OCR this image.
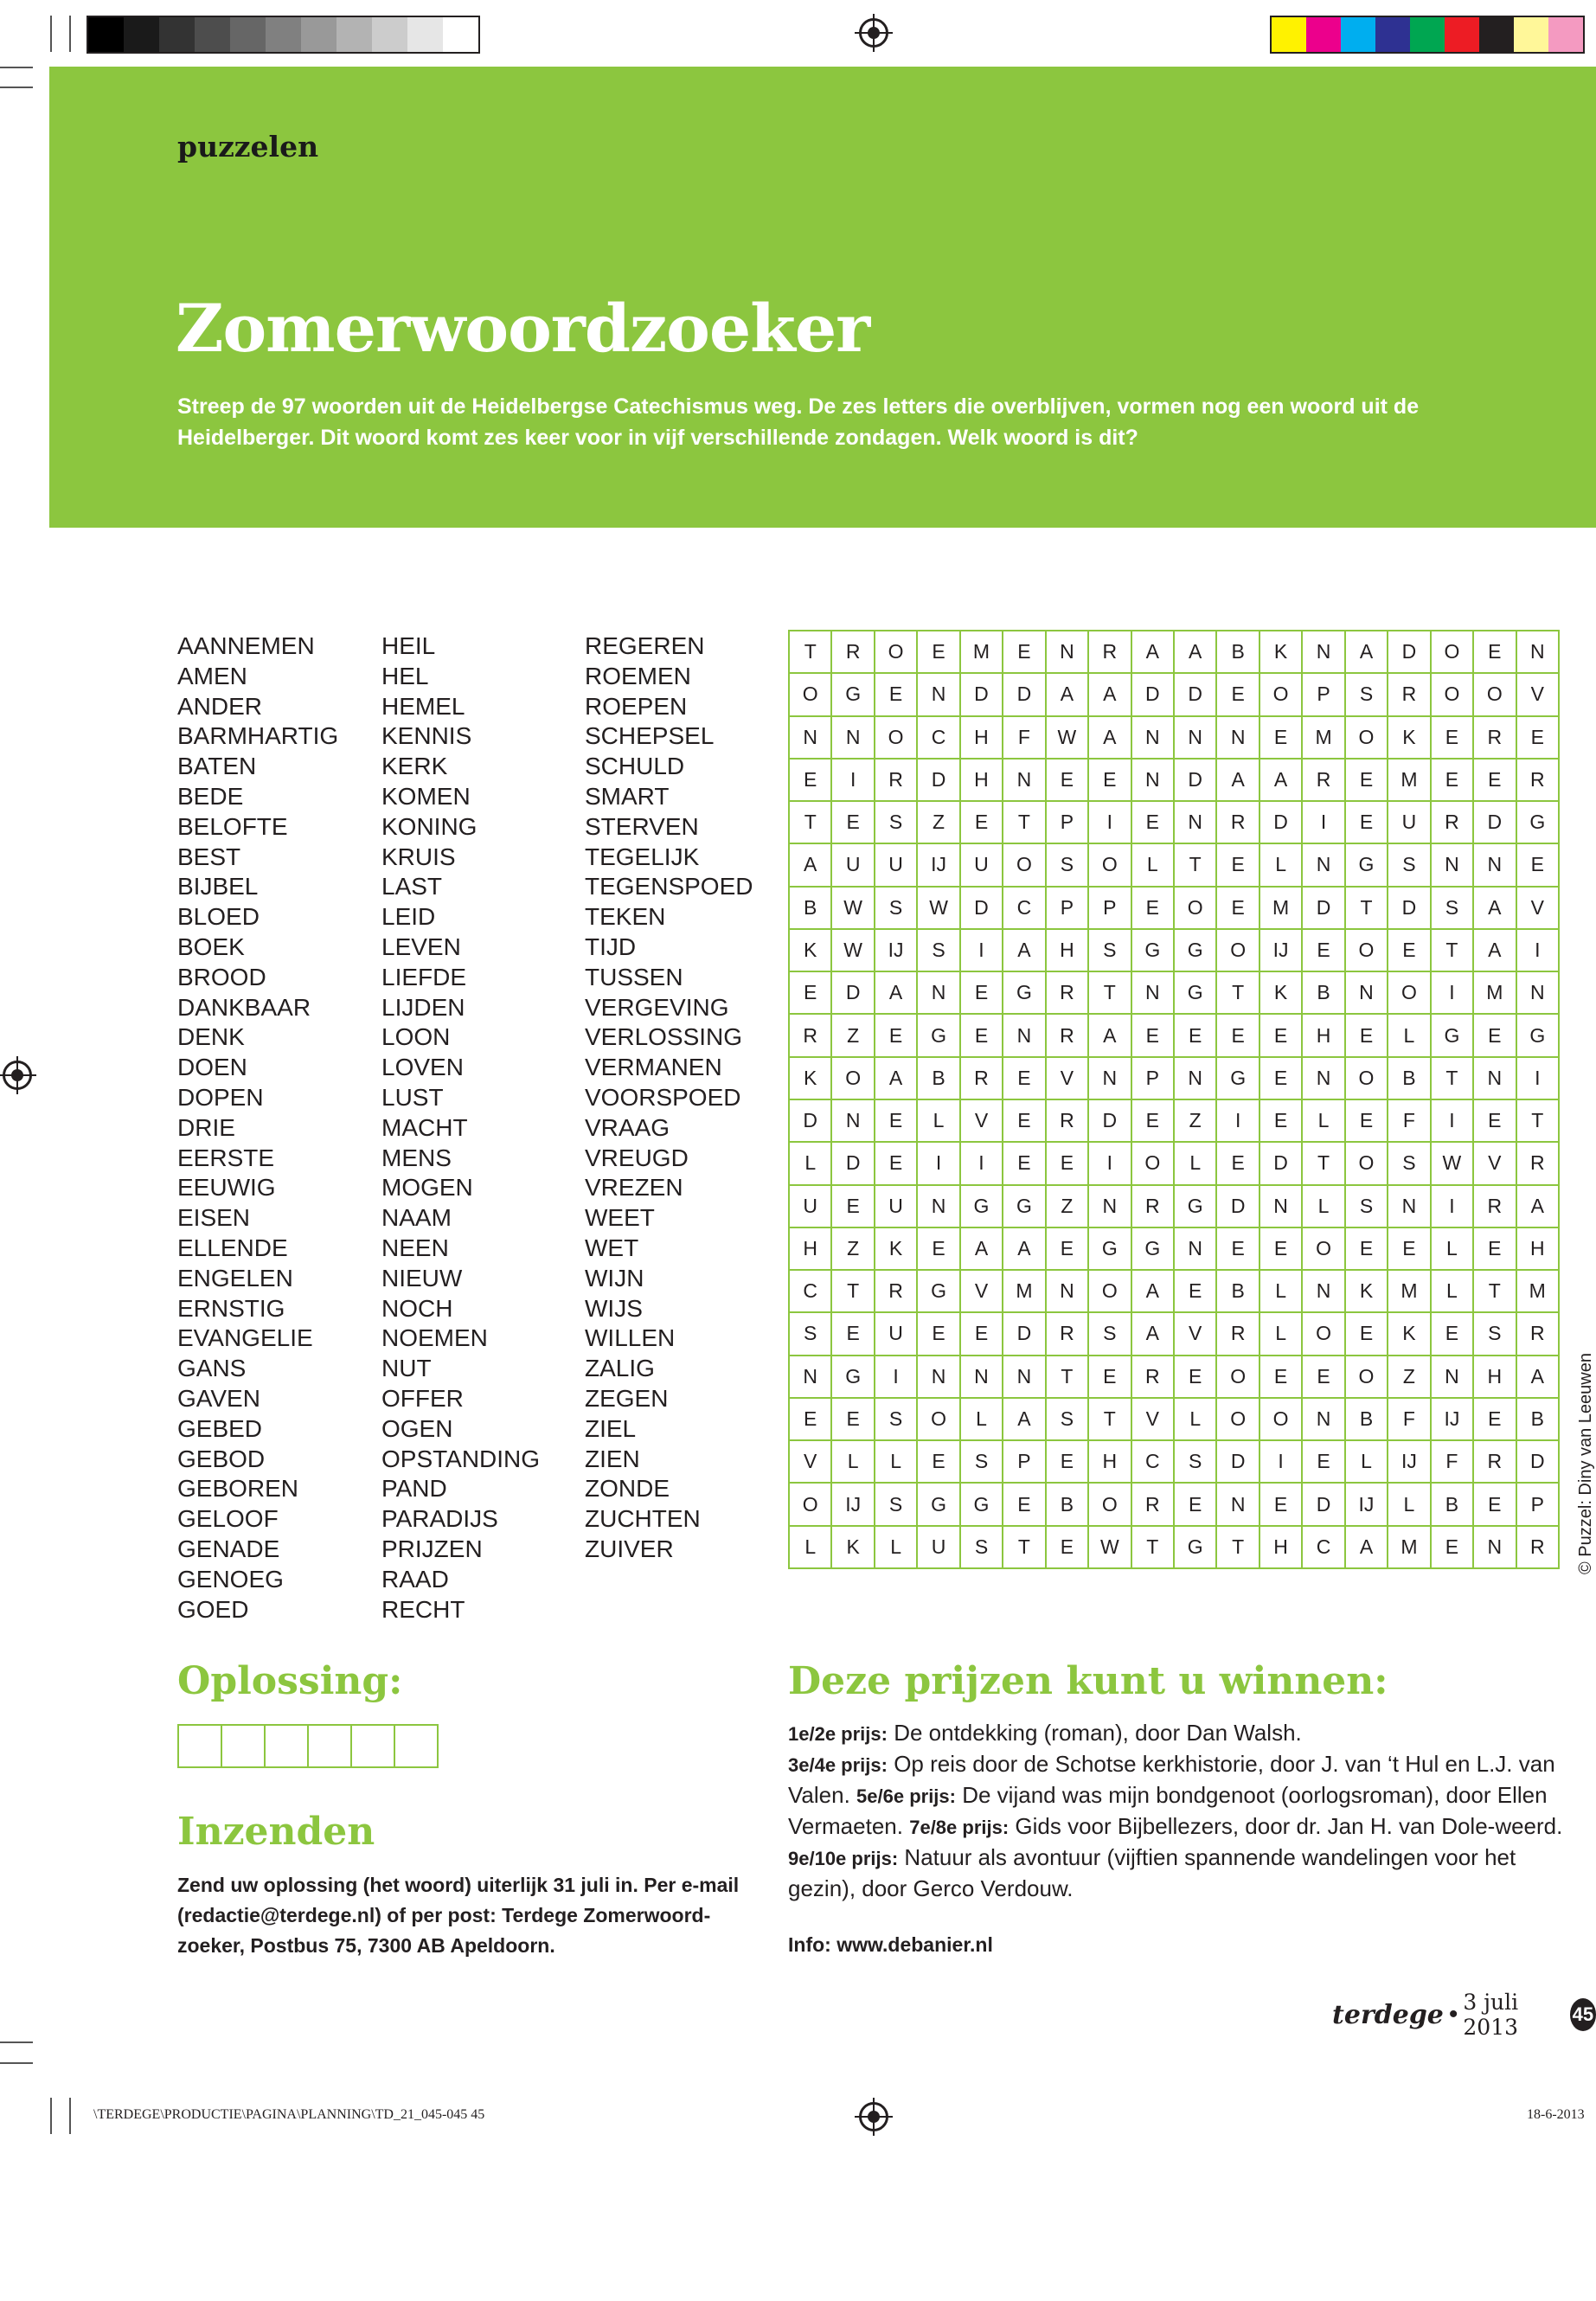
puzzelen
Zomerwoordzoeker
Streep de 97 woorden uit de Heidelbergse Catechismus weg. De zes letters die overblijven, vormen nog een woord uit de Heidelberger. Dit woord komt zes keer voor in vijf verschillende zondagen. Welk woord is dit?
AANNEMEN
AMEN
ANDER
BARMHARTIG
BATEN
BEDE
BELOFTE
BEST
BIJBEL
BLOED
BOEK
BROOD
DANKBAAR
DENK
DOEN
DOPEN
DRIE
EERSTE
EEUWIG
EISEN
ELLENDE
ENGELEN
ERNSTIG
EVANGELIE
GANS
GAVEN
GEBED
GEBOD
GEBOREN
GELOOF
GENADE
GENOEG
GOED
HEIL
HEL
HEMEL
KENNIS
KERK
KOMEN
KONING
KRUIS
LAST
LEID
LEVEN
LIEFDE
LIJDEN
LOON
LOVEN
LUST
MACHT
MENS
MOGEN
NAAM
NEEN
NIEUW
NOCH
NOEMEN
NUT
OFFER
OGEN
OPSTANDING
PAND
PARADIJS
PRIJZEN
RAAD
RECHT
REGEREN
ROEMEN
ROEPEN
SCHEPSEL
SCHULD
SMART
STERVEN
TEGELIJK
TEGENSPOED
TEKEN
TIJD
TUSSEN
VERGEVING
VERLOSSING
VERMANEN
VOORSPOED
VRAAG
VREUGD
VREZEN
WEET
WET
WIJN
WIJS
WILLEN
ZALIG
ZEGEN
ZIEL
ZIEN
ZONDE
ZUCHTEN
ZUIVER
T	R	O	E	M	E	N	R	A	A	B	K	N	A	D	O	E	N
O	G	E	N	D	D	A	A	D	D	E	O	P	S	R	O	O	V
N	N	O	C	H	F	W	A	N	N	N	E	M	O	K	E	R	E
E	I	R	D	H	N	E	E	N	D	A	A	R	E	M	E	E	R
T	E	S	Z	E	T	P	I	E	N	R	D	I	E	U	R	D	G
A	U	U	IJ	U	O	S	O	L	T	E	L	N	G	S	N	N	E
B	W	S	W	D	C	P	P	E	O	E	M	D	T	D	S	A	V
K	W	IJ	S	I	A	H	S	G	G	O	IJ	E	O	E	T	A	I
E	D	A	N	E	G	R	T	N	G	T	K	B	N	O	I	M	N
R	Z	E	G	E	N	R	A	E	E	E	E	H	E	L	G	E	G
K	O	A	B	R	E	V	N	P	N	G	E	N	O	B	T	N	I
D	N	E	L	V	E	R	D	E	Z	I	E	L	E	F	I	E	T
L	D	E	I	I	E	E	I	O	L	E	D	T	O	S	W	V	R
U	E	U	N	G	G	Z	N	R	G	D	N	L	S	N	I	R	A
H	Z	K	E	A	A	E	G	G	N	E	E	O	E	E	L	E	H
C	T	R	G	V	M	N	O	A	E	B	L	N	K	M	L	T	M
S	E	U	E	E	D	R	S	A	V	R	L	O	E	K	E	S	R
N	G	I	N	N	N	T	E	R	E	O	E	E	O	Z	N	H	A
E	E	S	O	L	A	S	T	V	L	O	O	N	B	F	IJ	E	B
V	L	L	E	S	P	E	H	C	S	D	I	E	L	IJ	F	R	D
O	IJ	S	G	G	E	B	O	R	E	N	E	D	IJ	L	B	E	P
L	K	L	U	S	T	E	W	T	G	T	H	C	A	M	E	N	R	© Puzzel: Diny van Leeuwen
Oplossing:
Inzenden
Zend uw oplossing (het woord) uiterlijk 31 juli in. Per e-mail (redactie@terdege.nl) of per post: Terdege Zomerwoord-zoeker, Postbus 75, 7300 AB Apeldoorn.
Deze prijzen kunt u winnen:
1e/2e prijs: De ontdekking (roman), door Dan Walsh.
3e/4e prijs: Op reis door de Schotse kerkhistorie, door J. van ‘t Hul en L.J. van Valen. 5e/6e prijs: De vijand was mijn bondgenoot (oorlogsroman), door Ellen Vermaeten. 7e/8e prijs: Gids voor Bijbellezers, door dr. Jan H. van Dole-weerd. 9e/10e prijs: Natuur als avontuur (vijftien spannende wandelingen voor het gezin), door Gerco Verdouw.
Info: www.debanier.nl
terdege • 3 juli 2013
45
\TERDEGE\PRODUCTIE\PAGINA\PLANNING\TD_21_045-045 45	18-6-2013
